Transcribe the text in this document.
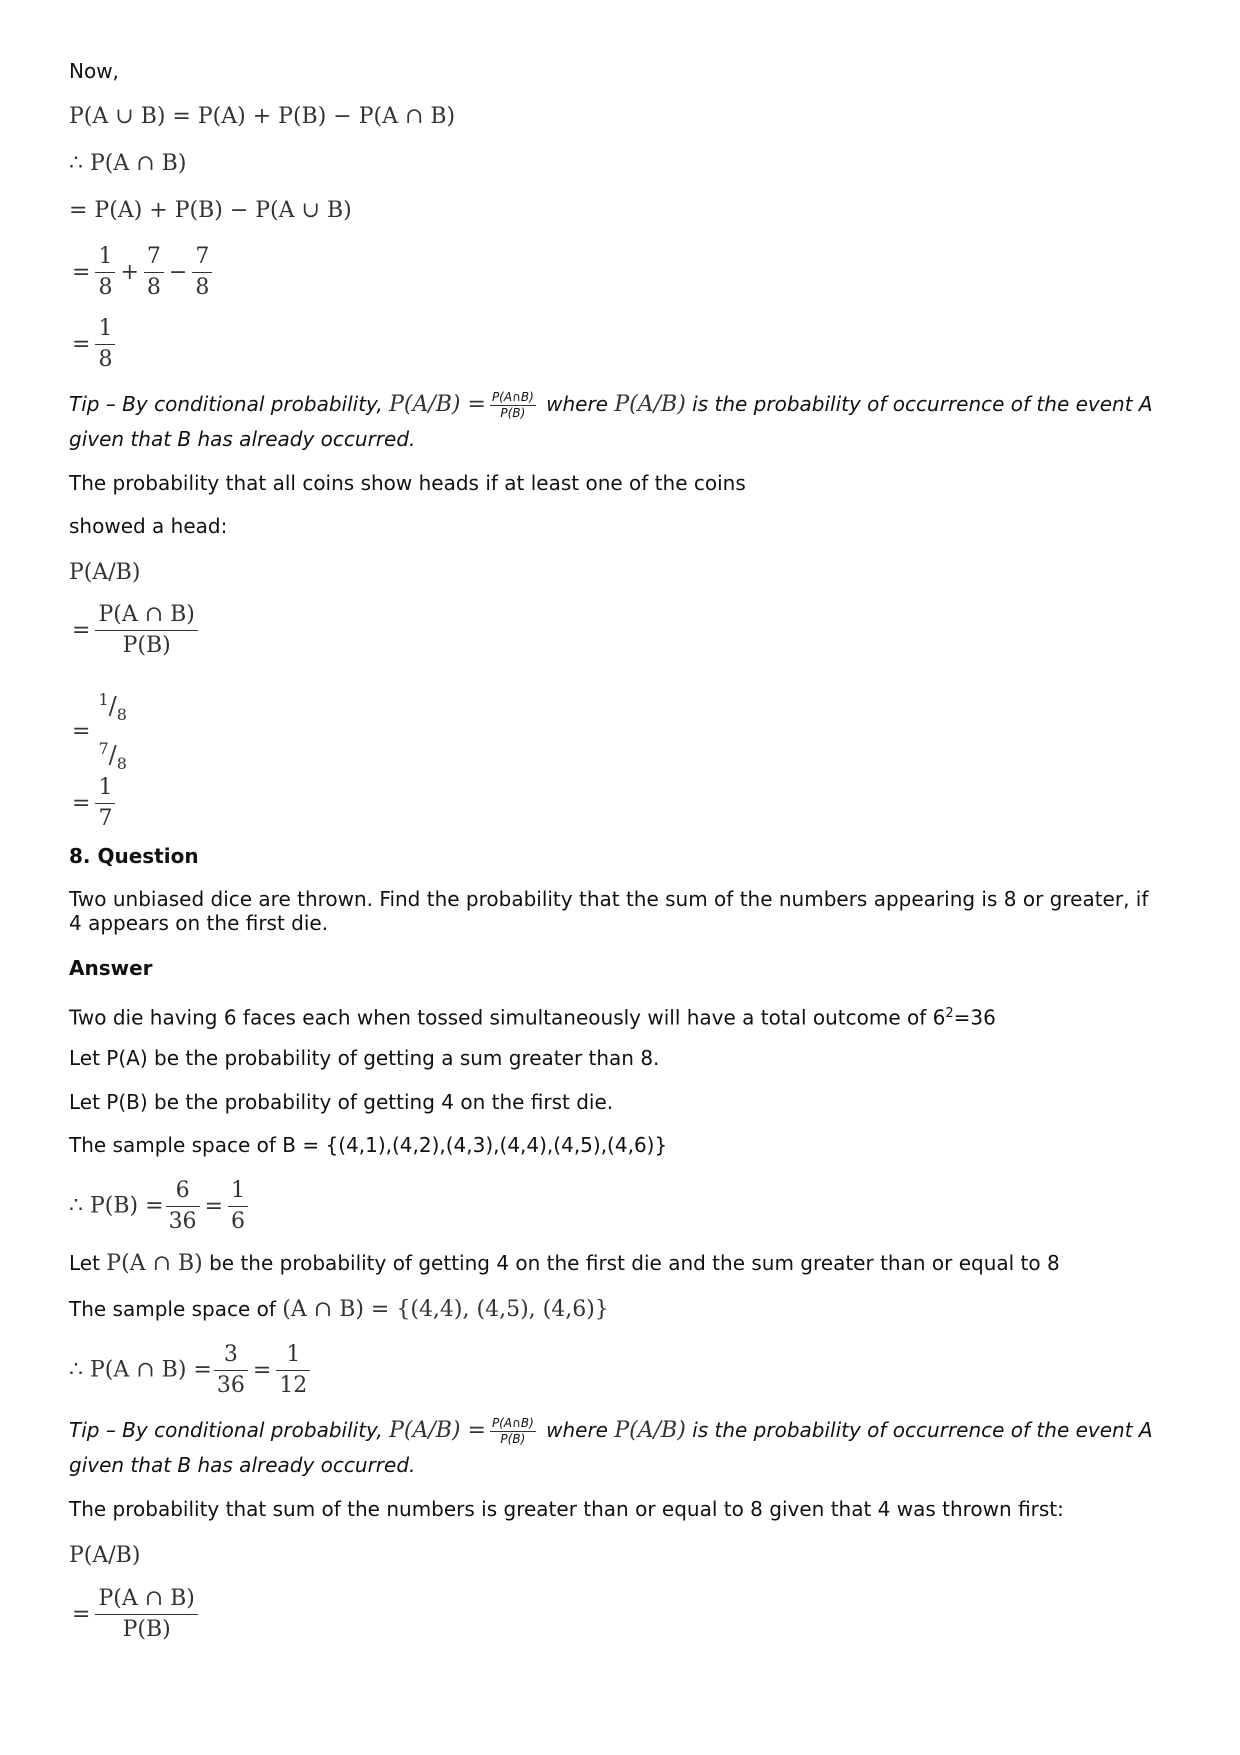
Now,
P(A ∪ B) = P(A) + P(B) − P(A ∩ B)
∴ P(A ∩ B)
= P(A) + P(B) − P(A ∪ B)
= $\frac{1}{8} + \frac{7}{8} - \frac{7}{8}$
= $\frac{1}{8}$
Tip – By conditional probability, $P(A/B) = \frac{P(A\cap B)}{P(B)}$ where P(A/B) is the probability of occurrence of the event A
given that B has already occurred.
The probability that all coins show heads if at least one of the coins
showed a head:
P(A/B)
= $\frac{P(A \cap B)}{P(B)}$
=
$^1/_8$
$^7/_8$
= $\frac{1}{7}$
8. Question
Two unbiased dice are thrown. Find the probability that the sum of the numbers appearing is 8 or greater, if
4 appears on the first die.
Answer
Two die having 6 faces each when tossed simultaneously will have a total outcome of $6^2=36$
Let P(A) be the probability of getting a sum greater than 8.
Let P(B) be the probability of getting 4 on the first die.
The sample space of B = {(4,1),(4,2),(4,3),(4,4),(4,5),(4,6)}
∴ $P(B) = \frac{6}{36} = \frac{1}{6}$
Let P(A ∩ B) be the probability of getting 4 on the first die and the sum greater than or equal to 8
The sample space of (A ∩ B) = {(4,4), (4,5), (4,6)}
∴ P(A ∩ $B) = \frac{3}{36} = \frac{1}{12}$
Tip – By conditional probability, $P(A/B) = \frac{P(A\cap B)}{P(B)}$ where P(A/B) is the probability of occurrence of the event A
given that B has already occurred.
The probability that sum of the numbers is greater than or equal to 8 given that 4 was thrown first:
P(A/B)
= $\frac{P(A \cap B)}{P(B)}$
